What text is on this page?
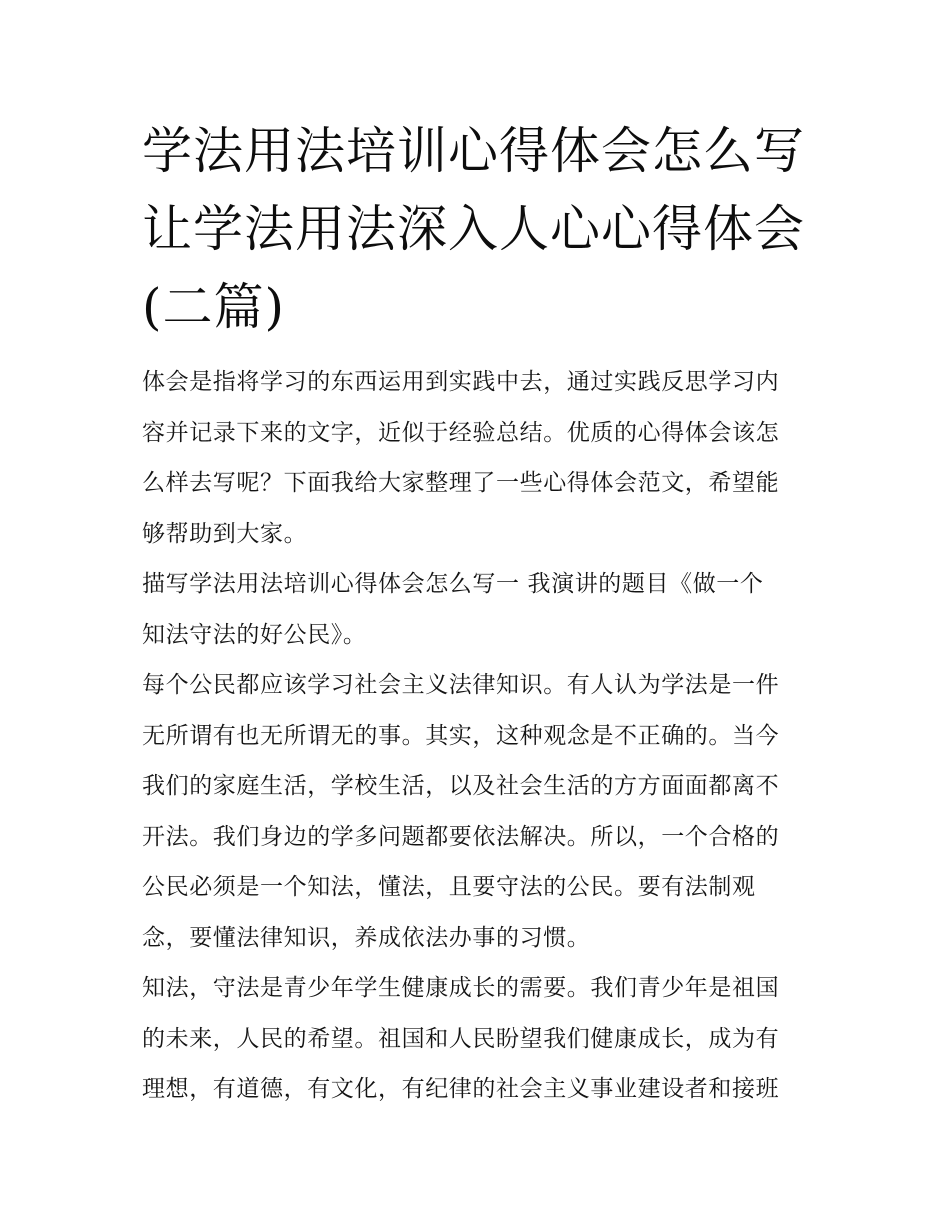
学法用法培训心得体会怎么写
让学法用法深入人心心得体会
(二篇)

体会是指将学习的东西运用到实践中去，通过实践反思学习内
容并记录下来的文字，近似于经验总结。优质的心得体会该怎
么样去写呢？下面我给大家整理了一些心得体会范文，希望能
够帮助到大家。

描写学法用法培训心得体会怎么写一 我演讲的题目《做一个
知法守法的好公民》。

每个公民都应该学习社会主义法律知识。有人认为学法是一件
无所谓有也无所谓无的事。其实，这种观念是不正确的。当今
我们的家庭生活，学校生活，以及社会生活的方方面面都离不
开法。我们身边的学多问题都要依法解决。所以，一个合格的
公民必须是一个知法，懂法，且要守法的公民。要有法制观
念，要懂法律知识，养成依法办事的习惯。

知法，守法是青少年学生健康成长的需要。我们青少年是祖国
的未来，人民的希望。祖国和人民盼望我们健康成长，成为有
理想，有道德，有文化，有纪律的社会主义事业建设者和接班
